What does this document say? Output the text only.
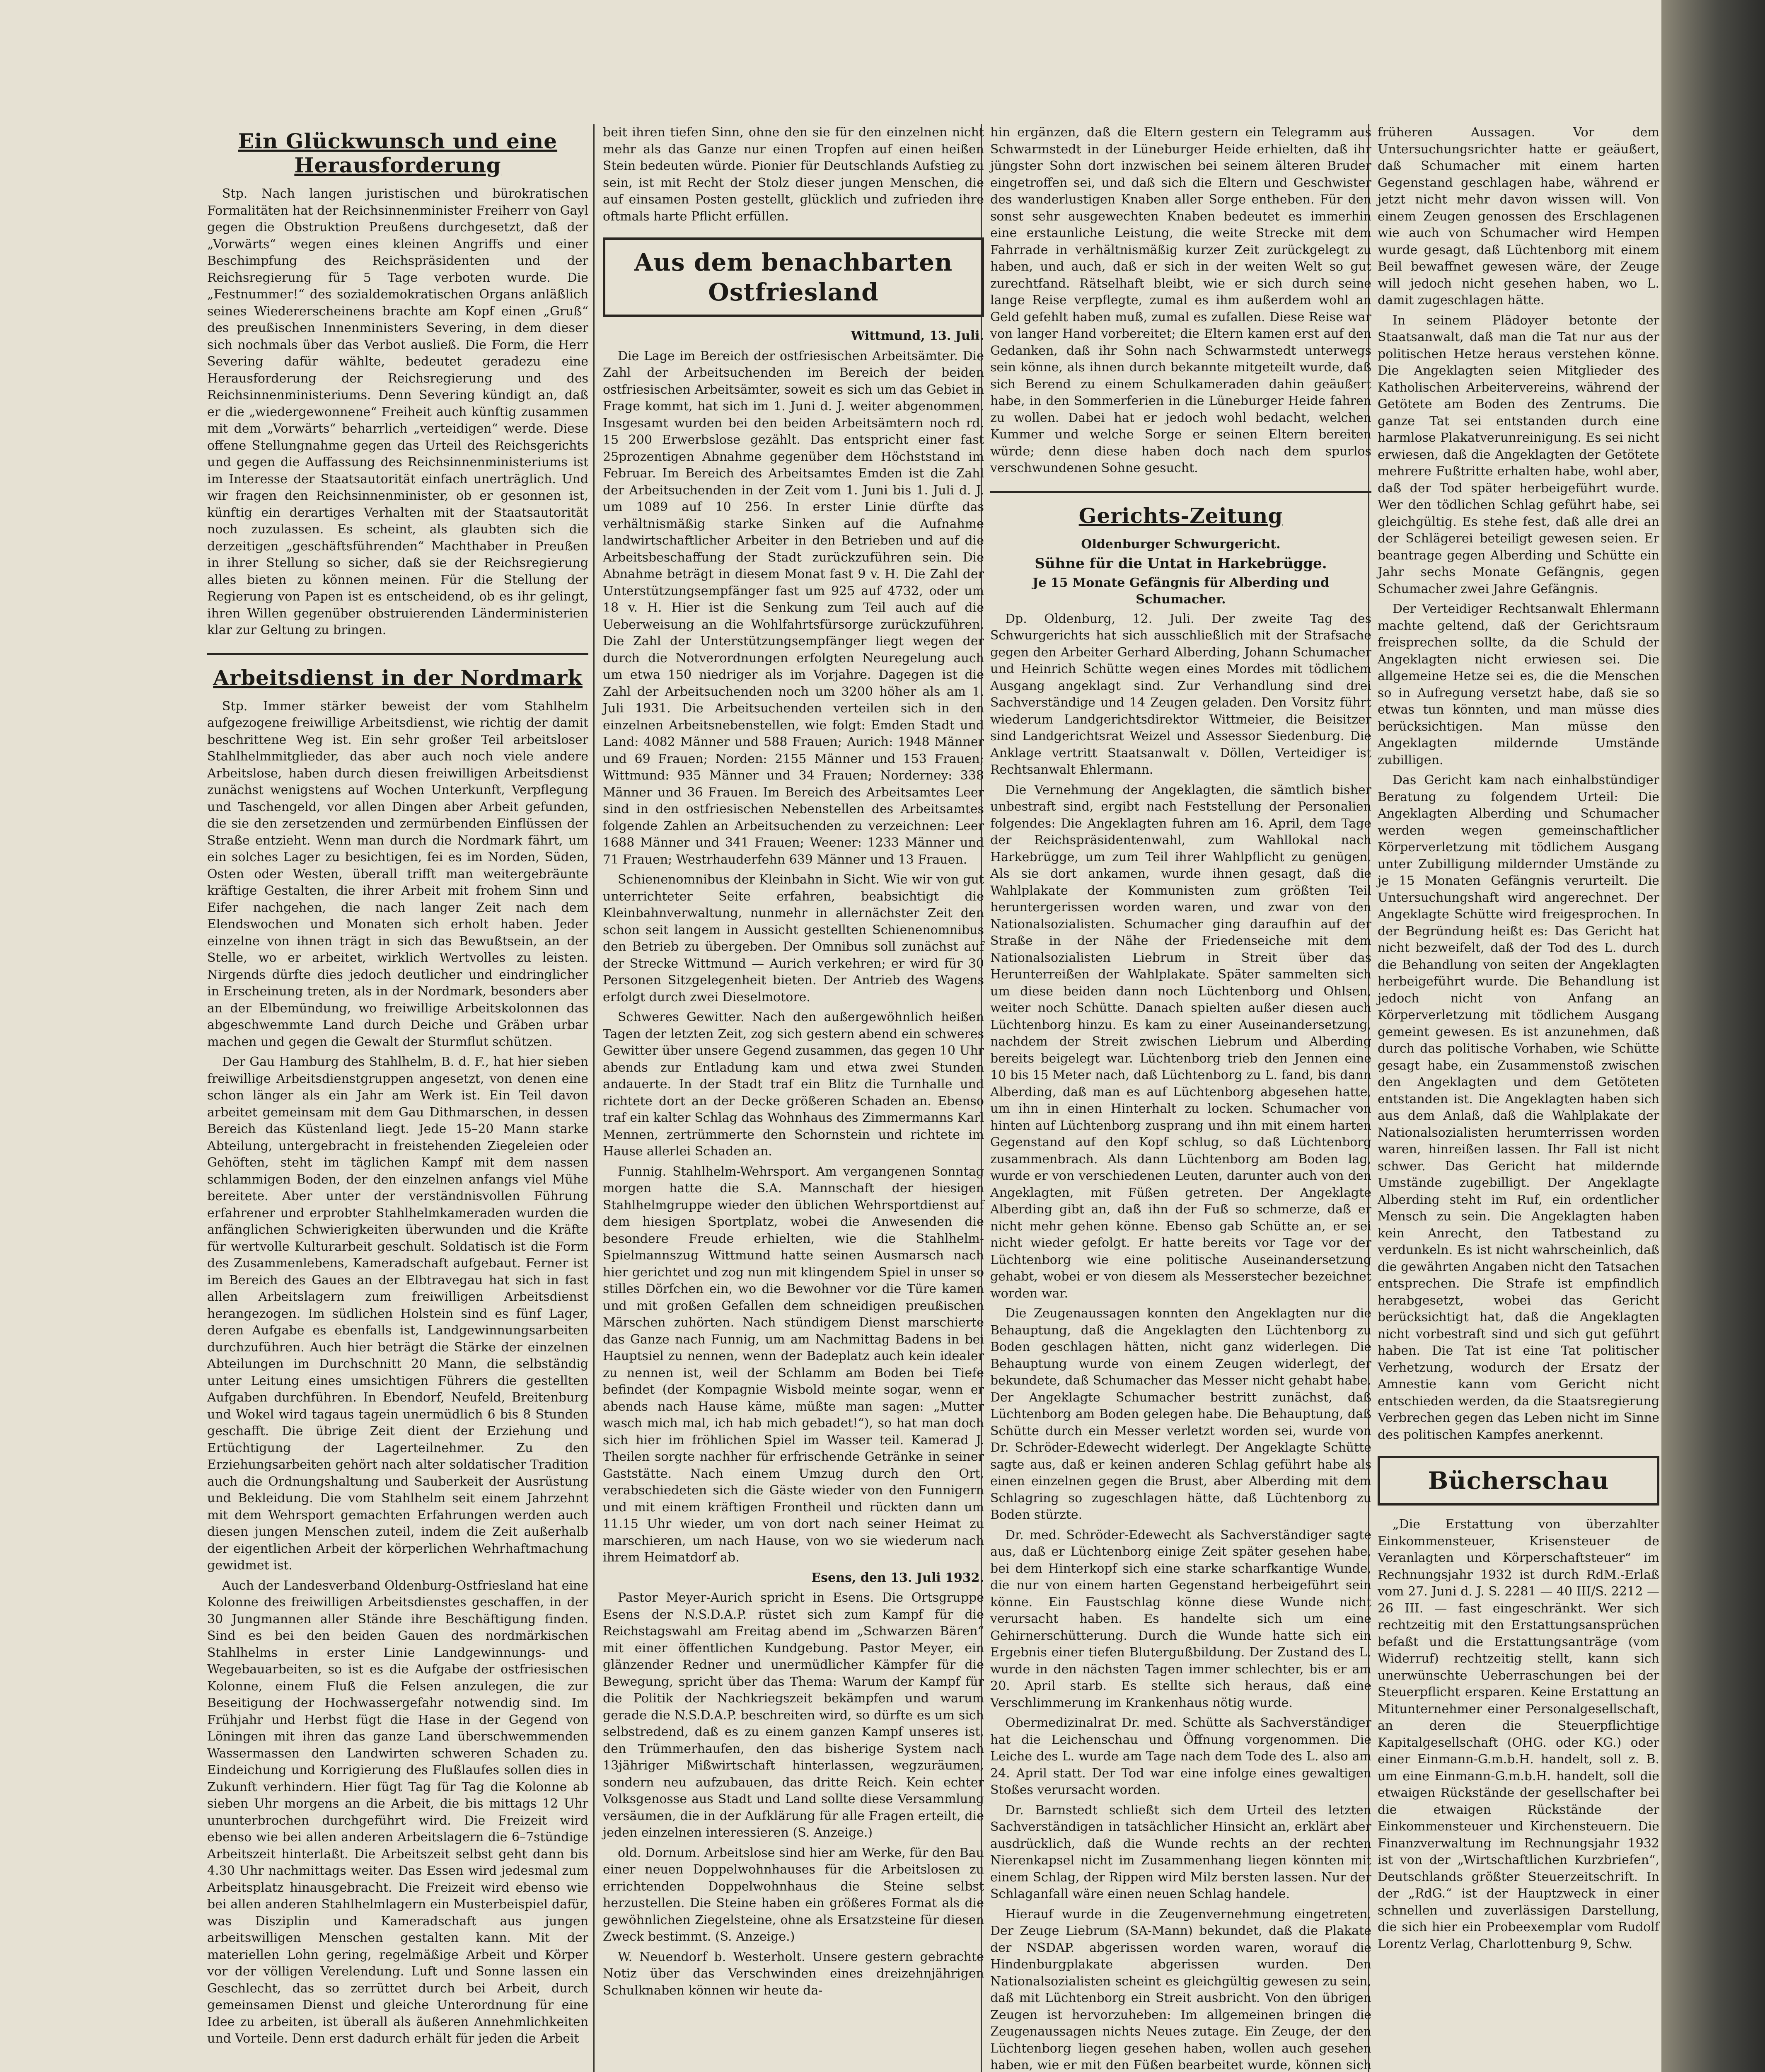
Ein Glückwunsch und eine Herausforderung

Stp. Nach langen juristischen und bürokratischen Formalitäten hat der Reichsinnenminister Freiherr von Gayl gegen die Obstruktion Preußens durchgesetzt, daß der „Vorwärts“ wegen eines kleinen Angriffs und einer Beschimpfung des Reichspräsidenten und der Reichsregierung für 5 Tage verboten wurde. Die „Festnummer!“ des sozialdemokratischen Organs anläßlich seines Wiedererscheinens brachte am Kopf einen „Gruß“ des preußischen Innenministers Severing, in dem dieser sich nochmals über das Verbot ausließ. Die Form, die Herr Severing dafür wählte, bedeutet geradezu eine Herausforderung der Reichsregierung und des Reichsinnenministeriums. Denn Severing kündigt an, daß er die „wiedergewonnene“ Freiheit auch künftig zusammen mit dem „Vorwärts“ beharrlich „verteidigen“ werde. Diese offene Stellungnahme gegen das Urteil des Reichsgerichts und gegen die Auffassung des Reichsinnenministeriums ist im Interesse der Staatsautorität einfach unerträglich. Und wir fragen den Reichsinnenminister, ob er gesonnen ist, künftig ein derartiges Verhalten mit der Staatsautorität noch zuzulassen. Es scheint, als glaubten sich die derzeitigen „geschäftsführenden“ Machthaber in Preußen in ihrer Stellung so sicher, daß sie der Reichsregierung alles bieten zu können meinen. Für die Stellung der Regierung von Papen ist es entscheidend, ob es ihr gelingt, ihren Willen gegenüber obstruierenden Länderministerien klar zur Geltung zu bringen.

Arbeitsdienst in der Nordmark

Stp. Immer stärker beweist der vom Stahlhelm aufgezogene freiwillige Arbeitsdienst, wie richtig der damit beschrittene Weg ist. Ein sehr großer Teil arbeitsloser Stahlhelmmitglieder, das aber auch noch viele andere Arbeitslose, haben durch diesen freiwilligen Arbeitsdienst zunächst wenigstens auf Wochen Unterkunft, Verpflegung und Taschengeld, vor allen Dingen aber Arbeit gefunden, die sie den zersetzenden und zermürbenden Einflüssen der Straße entzieht. Wenn man durch die Nordmark fährt, um ein solches Lager zu besichtigen, fei es im Norden, Süden, Osten oder Westen, überall trifft man weitergebräunte kräftige Gestalten, die ihrer Arbeit mit frohem Sinn und Eifer nachgehen, die nach langer Zeit nach dem Elendswochen und Monaten sich erholt haben. Jeder einzelne von ihnen trägt in sich das Bewußtsein, an der Stelle, wo er arbeitet, wirklich Wertvolles zu leisten. Nirgends dürfte dies jedoch deutlicher und eindringlicher in Erscheinung treten, als in der Nordmark, besonders aber an der Elbemündung, wo freiwillige Arbeitskolonnen das abgeschwemmte Land durch Deiche und Gräben urbar machen und gegen die Gewalt der Sturmflut schützen.

Der Gau Hamburg des Stahlhelm, B. d. F., hat hier sieben freiwillige Arbeitsdienstgruppen angesetzt, von denen eine schon länger als ein Jahr am Werk ist. Ein Teil davon arbeitet gemeinsam mit dem Gau Dithmarschen, in dessen Bereich das Küstenland liegt. Jede 15–20 Mann starke Abteilung, untergebracht in freistehenden Ziegeleien oder Gehöften, steht im täglichen Kampf mit dem nassen schlammigen Boden, der den einzelnen anfangs viel Mühe bereitete. Aber unter der verständnisvollen Führung erfahrener und erprobter Stahlhelmkameraden wurden die anfänglichen Schwierigkeiten überwunden und die Kräfte für wertvolle Kulturarbeit geschult. Soldatisch ist die Form des Zusammenlebens, Kameradschaft aufgebaut. Ferner ist im Bereich des Gaues an der Elbtravegau hat sich in fast allen Arbeitslagern zum freiwilligen Arbeitsdienst herangezogen. Im südlichen Holstein sind es fünf Lager, deren Aufgabe es ebenfalls ist, Landgewinnungsarbeiten durchzuführen. Auch hier beträgt die Stärke der einzelnen Abteilungen im Durchschnitt 20 Mann, die selbständig unter Leitung eines umsichtigen Führers die gestellten Aufgaben durchführen. In Ebendorf, Neufeld, Breitenburg und Wokel wird tagaus tagein unermüdlich 6 bis 8 Stunden geschafft. Die übrige Zeit dient der Erziehung und Ertüchtigung der Lagerteilnehmer. Zu den Erziehungsarbeiten gehört nach alter soldatischer Tradition auch die Ordnungshaltung und Sauberkeit der Ausrüstung und Bekleidung. Die vom Stahlhelm seit einem Jahrzehnt mit dem Wehrsport gemachten Erfahrungen werden auch diesen jungen Menschen zuteil, indem die Zeit außerhalb der eigentlichen Arbeit der körperlichen Wehrhaftmachung gewidmet ist.

Auch der Landesverband Oldenburg-Ostfriesland hat eine Kolonne des freiwilligen Arbeitsdienstes geschaffen, in der 30 Jungmannen aller Stände ihre Beschäftigung finden. Sind es bei den beiden Gauen des nordmärkischen Stahlhelms in erster Linie Landgewinnungs- und Wegebauarbeiten, so ist es die Aufgabe der ostfriesischen Kolonne, einem Fluß die Felsen anzulegen, die zur Beseitigung der Hochwassergefahr notwendig sind. Im Frühjahr und Herbst fügt die Hase in der Gegend von Löningen mit ihren das ganze Land überschwemmenden Wassermassen den Landwirten schweren Schaden zu. Eindeichung und Korrigierung des Flußlaufes sollen dies in Zukunft verhindern. Hier fügt Tag für Tag die Kolonne ab sieben Uhr morgens an die Arbeit, die bis mittags 12 Uhr ununterbrochen durchgeführt wird. Die Freizeit wird ebenso wie bei allen anderen Arbeitslagern die 6–7stündige Arbeitszeit hinterlaßt. Die Arbeitszeit selbst geht dann bis 4.30 Uhr nachmittags weiter. Das Essen wird jedesmal zum Arbeitsplatz hinausgebracht. Die Freizeit wird ebenso wie bei allen anderen Stahlhelmlagern ein Musterbeispiel dafür, was Disziplin und Kameradschaft aus jungen arbeitswilligen Menschen gestalten kann. Mit der materiellen Lohn gering, regelmäßige Arbeit und Körper vor der völligen Verelendung. Luft und Sonne lassen ein Geschlecht, das so zerrüttet durch bei Arbeit, durch gemeinsamen Dienst und gleiche Unterordnung für eine Idee zu arbeiten, ist überall als äußeren Annehmlichkeiten und Vorteile. Denn erst dadurch erhält für jeden die Arbeit

beit ihren tiefen Sinn, ohne den sie für den einzelnen nicht mehr als das Ganze nur einen Tropfen auf einen heißen Stein bedeuten würde. Pionier für Deutschlands Aufstieg zu sein, ist mit Recht der Stolz dieser jungen Menschen, die auf einsamen Posten gestellt, glücklich und zufrieden ihre oftmals harte Pflicht erfüllen.

Aus dem benachbarten Ostfriesland

Wittmund, 13. Juli.

Die Lage im Bereich der ostfriesischen Arbeitsämter. Die Zahl der Arbeitsuchenden im Bereich der beiden ostfriesischen Arbeitsämter, soweit es sich um das Gebiet in Frage kommt, hat sich im 1. Juni d. J. weiter abgenommen. Insgesamt wurden bei den beiden Arbeitsämtern noch rd. 15 200 Erwerbslose gezählt. Das entspricht einer fast 25prozentigen Abnahme gegenüber dem Höchststand im Februar. Im Bereich des Arbeitsamtes Emden ist die Zahl der Arbeitsuchenden in der Zeit vom 1. Juni bis 1. Juli d. J. um 1089 auf 10 256. In erster Linie dürfte das verhältnismäßig starke Sinken auf die Aufnahme landwirtschaftlicher Arbeiter in den Betrieben und auf die Arbeitsbeschaffung der Stadt zurückzuführen sein. Die Abnahme beträgt in diesem Monat fast 9 v. H. Die Zahl der Unterstützungsempfänger fast um 925 auf 4732, oder um 18 v. H. Hier ist die Senkung zum Teil auch auf die Ueberweisung an die Wohlfahrtsfürsorge zurückzuführen. Die Zahl der Unterstützungsempfänger liegt wegen der durch die Notverordnungen erfolgten Neuregelung auch um etwa 150 niedriger als im Vorjahre. Dagegen ist die Zahl der Arbeitsuchenden noch um 3200 höher als am 1. Juli 1931. Die Arbeitsuchenden verteilen sich in den einzelnen Arbeitsnebenstellen, wie folgt: Emden Stadt und Land: 4082 Männer und 588 Frauen; Aurich: 1948 Männer und 69 Frauen; Norden: 2155 Männer und 153 Frauen; Wittmund: 935 Männer und 34 Frauen; Norderney: 338 Männer und 36 Frauen. Im Bereich des Arbeitsamtes Leer sind in den ostfriesischen Nebenstellen des Arbeitsamtes folgende Zahlen an Arbeitsuchenden zu verzeichnen: Leer 1688 Männer und 341 Frauen; Weener: 1233 Männer und 71 Frauen; Westrhauderfehn 639 Männer und 13 Frauen.

Schienenomnibus der Kleinbahn in Sicht. Wie wir von gut unterrichteter Seite erfahren, beabsichtigt die Kleinbahnverwaltung, nunmehr in allernächster Zeit den schon seit langem in Aussicht gestellten Schienenomnibus den Betrieb zu übergeben. Der Omnibus soll zunächst auf der Strecke Wittmund — Aurich verkehren; er wird für 30 Personen Sitzgelegenheit bieten. Der Antrieb des Wagens erfolgt durch zwei Dieselmotore.

Schweres Gewitter. Nach den außergewöhnlich heißen Tagen der letzten Zeit, zog sich gestern abend ein schweres Gewitter über unsere Gegend zusammen, das gegen 10 Uhr abends zur Entladung kam und etwa zwei Stunden andauerte. In der Stadt traf ein Blitz die Turnhalle und richtete dort an der Decke größeren Schaden an. Ebenso traf ein kalter Schlag das Wohnhaus des Zimmermanns Karl Mennen, zertrümmerte den Schornstein und richtete im Hause allerlei Schaden an.

Funnig. Stahlhelm-Wehrsport. Am vergangenen Sonntag morgen hatte die S.A. Mannschaft der hiesigen Stahlhelmgruppe wieder den üblichen Wehrsportdienst auf dem hiesigen Sportplatz, wobei die Anwesenden die besondere Freude erhielten, wie die Stahlhelm-Spielmannszug Wittmund hatte seinen Ausmarsch nach hier gerichtet und zog nun mit klingendem Spiel in unser so stilles Dörfchen ein, wo die Bewohner vor die Türe kamen und mit großen Gefallen dem schneidigen preußischen Märschen zuhörten. Nach stündigem Dienst marschierte das Ganze nach Funnig, um am Nachmittag Badens in bei Hauptsiel zu nennen, wenn der Badeplatz auch kein idealer zu nennen ist, weil der Schlamm am Boden bei Tiefe befindet (der Kompagnie Wisbold meinte sogar, wenn er abends nach Hause käme, müßte man sagen: „Mutter wasch mich mal, ich hab mich gebadet!“), so hat man doch sich hier im fröhlichen Spiel im Wasser teil. Kamerad J. Theilen sorgte nachher für erfrischende Getränke in seiner Gaststätte. Nach einem Umzug durch den Ort, verabschiedeten sich die Gäste wieder von den Funnigern und mit einem kräftigen Frontheil und rückten dann um 11.15 Uhr wieder, um von dort nach seiner Heimat zu marschieren, um nach Hause, von wo sie wiederum nach ihrem Heimatdorf ab.

Esens, den 13. Juli 1932.

Pastor Meyer-Aurich spricht in Esens. Die Ortsgruppe Esens der N.S.D.A.P. rüstet sich zum Kampf für die Reichstagswahl am Freitag abend im „Schwarzen Bären“ mit einer öffentlichen Kundgebung. Pastor Meyer, ein glänzender Redner und unermüdlicher Kämpfer für die Bewegung, spricht über das Thema: Warum der Kampf für die Politik der Nachkriegszeit bekämpfen und warum gerade die N.S.D.A.P. beschreiten wird, so dürfte es um sich selbstredend, daß es zu einem ganzen Kampf unseres ist, den Trümmerhaufen, den das bisherige System nach 13jähriger Mißwirtschaft hinterlassen, wegzuräumen, sondern neu aufzubauen, das dritte Reich. Kein echter Volksgenosse aus Stadt und Land sollte diese Versammlung versäumen, die in der Aufklärung für alle Fragen erteilt, die jeden einzelnen interessieren (S. Anzeige.)

old. Dornum. Arbeitslose sind hier am Werke, für den Bau einer neuen Doppelwohnhauses für die Arbeitslosen zu errichtenden Doppelwohnhaus die Steine selbst herzustellen. Die Steine haben ein größeres Format als die gewöhnlichen Ziegelsteine, ohne als Ersatzsteine für diesen Zweck bestimmt. (S. Anzeige.)

W. Neuendorf b. Westerholt. Unsere gestern gebrachte Notiz über das Verschwinden eines dreizehnjährigen Schulknaben können wir heute da-

hin ergänzen, daß die Eltern gestern ein Telegramm aus Schwarmstedt in der Lüneburger Heide erhielten, daß ihr jüngster Sohn dort inzwischen bei seinem älteren Bruder eingetroffen sei, und daß sich die Eltern und Geschwister des wanderlustigen Knaben aller Sorge entheben. Für den sonst sehr ausgewechten Knaben bedeutet es immerhin eine erstaunliche Leistung, die weite Strecke mit dem Fahrrade in verhältnismäßig kurzer Zeit zurückgelegt zu haben, und auch, daß er sich in der weiten Welt so gut zurechtfand. Rätselhaft bleibt, wie er sich durch seine lange Reise verpflegte, zumal es ihm außerdem wohl an Geld gefehlt haben muß, zumal es zufallen. Diese Reise war von langer Hand vorbereitet; die Eltern kamen erst auf den Gedanken, daß ihr Sohn nach Schwarmstedt unterwegs sein könne, als ihnen durch bekannte mitgeteilt wurde, daß sich Berend zu einem Schulkameraden dahin geäußert habe, in den Sommerferien in die Lüneburger Heide fahren zu wollen. Dabei hat er jedoch wohl bedacht, welchen Kummer und welche Sorge er seinen Eltern bereiten würde; denn diese haben doch nach dem spurlos verschwundenen Sohne gesucht.

Gerichts-Zeitung

Oldenburger Schwurgericht.

Sühne für die Untat in Harkebrügge.

Je 15 Monate Gefängnis für Alberding und Schumacher.

Dp. Oldenburg, 12. Juli. Der zweite Tag des Schwurgerichts hat sich ausschließlich mit der Strafsache gegen den Arbeiter Gerhard Alberding, Johann Schumacher und Heinrich Schütte wegen eines Mordes mit tödlichem Ausgang angeklagt sind. Zur Verhandlung sind drei Sachverständige und 14 Zeugen geladen. Den Vorsitz führt wiederum Landgerichtsdirektor Wittmeier, die Beisitzer sind Landgerichtsrat Weizel und Assessor Siedenburg. Die Anklage vertritt Staatsanwalt v. Döllen, Verteidiger ist Rechtsanwalt Ehlermann.

Die Vernehmung der Angeklagten, die sämtlich bisher unbestraft sind, ergibt nach Feststellung der Personalien folgendes: Die Angeklagten fuhren am 16. April, dem Tage der Reichspräsidentenwahl, zum Wahllokal nach Harkebrügge, um zum Teil ihrer Wahlpflicht zu genügen. Als sie dort ankamen, wurde ihnen gesagt, daß die Wahlplakate der Kommunisten zum größten Teil heruntergerissen worden waren, und zwar von den Nationalsozialisten. Schumacher ging daraufhin auf der Straße in der Nähe der Friedenseiche mit dem Nationalsozialisten Liebrum in Streit über das Herunterreißen der Wahlplakate. Später sammelten sich um diese beiden dann noch Lüchtenborg und Ohlsen, weiter noch Schütte. Danach spielten außer diesen auch Lüchtenborg hinzu. Es kam zu einer Auseinandersetzung, nachdem der Streit zwischen Liebrum und Alberding bereits beigelegt war. Lüchtenborg trieb den Jennen eine 10 bis 15 Meter nach, daß Lüchtenborg zu L. fand, bis dann Alberding, daß man es auf Lüchtenborg abgesehen hatte, um ihn in einen Hinterhalt zu locken. Schumacher von hinten auf Lüchtenborg zusprang und ihn mit einem harten Gegenstand auf den Kopf schlug, so daß Lüchtenborg zusammenbrach. Als dann Lüchtenborg am Boden lag, wurde er von verschiedenen Leuten, darunter auch von den Angeklagten, mit Füßen getreten. Der Angeklagte Alberding gibt an, daß ihn der Fuß so schmerze, daß er nicht mehr gehen könne. Ebenso gab Schütte an, er sei nicht wieder gefolgt. Er hatte bereits vor Tage vor der Lüchtenborg wie eine politische Auseinandersetzung gehabt, wobei er von diesem als Messerstecher bezeichnet worden war.

Die Zeugenaussagen konnten den Angeklagten nur die Behauptung, daß die Angeklagten den Lüchtenborg zu Boden geschlagen hätten, nicht ganz widerlegen. Die Behauptung wurde von einem Zeugen widerlegt, der bekundete, daß Schumacher das Messer nicht gehabt habe. Der Angeklagte Schumacher bestritt zunächst, daß Lüchtenborg am Boden gelegen habe. Die Behauptung, daß Schütte durch ein Messer verletzt worden sei, wurde von Dr. Schröder-Edewecht widerlegt. Der Angeklagte Schütte sagte aus, daß er keinen anderen Schlag geführt habe als einen einzelnen gegen die Brust, aber Alberding mit dem Schlagring so zugeschlagen hätte, daß Lüchtenborg zu Boden stürzte.

Dr. med. Schröder-Edewecht als Sachverständiger sagte aus, daß er Lüchtenborg einige Zeit später gesehen habe, bei dem Hinterkopf sich eine starke scharfkantige Wunde, die nur von einem harten Gegenstand herbeigeführt sein könne. Ein Faustschlag könne diese Wunde nicht verursacht haben. Es handelte sich um eine Gehirnerschütterung. Durch die Wunde hatte sich ein Ergebnis einer tiefen Blutergußbildung. Der Zustand des L. wurde in den nächsten Tagen immer schlechter, bis er am 20. April starb. Es stellte sich heraus, daß eine Verschlimmerung im Krankenhaus nötig wurde.

Obermedizinalrat Dr. med. Schütte als Sachverständiger hat die Leichenschau und Öffnung vorgenommen. Die Leiche des L. wurde am Tage nach dem Tode des L. also am 24. April statt. Der Tod war eine infolge eines gewaltigen Stoßes verursacht worden.

Dr. Barnstedt schließt sich dem Urteil des letzten Sachverständigen in tatsächlicher Hinsicht an, erklärt aber ausdrücklich, daß die Wunde rechts an der rechten Nierenkapsel nicht im Zusammenhang liegen könnten mit einem Schlag, der Rippen wird Milz bersten lassen. Nur der Schlaganfall wäre einen neuen Schlag handele.

Hierauf wurde in die Zeugenvernehmung eingetreten. Der Zeuge Liebrum (SA-Mann) bekundet, daß die Plakate der NSDAP. abgerissen worden waren, worauf die Hindenburgplakate abgerissen wurden. Den Nationalsozialisten scheint es gleichgültig gewesen zu sein, daß mit Lüchtenborg ein Streit ausbricht. Von den übrigen Zeugen ist hervorzuheben: Im allgemeinen bringen die Zeugenaussagen nichts Neues zutage. Ein Zeuge, der den Lüchtenborg liegen gesehen haben, wollen auch gesehen haben, wie er mit den Füßen bearbeitet wurde, können sich

früheren Aussagen. Vor dem Untersuchungsrichter hatte er geäußert, daß Schumacher mit einem harten Gegenstand geschlagen habe, während er jetzt nicht mehr davon wissen will. Von einem Zeugen genossen des Erschlagenen wie auch von Schumacher wird Hempen wurde gesagt, daß Lüchtenborg mit einem Beil bewaffnet gewesen wäre, der Zeuge will jedoch nicht gesehen haben, wo L. damit zugeschlagen hätte.

In seinem Plädoyer betonte der Staatsanwalt, daß man die Tat nur aus der politischen Hetze heraus verstehen könne. Die Angeklagten seien Mitglieder des Katholischen Arbeitervereins, während der Getötete am Boden des Zentrums. Die ganze Tat sei entstanden durch eine harmlose Plakatverunreinigung. Es sei nicht erwiesen, daß die Angeklagten der Getötete mehrere Fußtritte erhalten habe, wohl aber, daß der Tod später herbeigeführt wurde. Wer den tödlichen Schlag geführt habe, sei gleichgültig. Es stehe fest, daß alle drei an der Schlägerei beteiligt gewesen seien. Er beantrage gegen Alberding und Schütte ein Jahr sechs Monate Gefängnis, gegen Schumacher zwei Jahre Gefängnis.

Der Verteidiger Rechtsanwalt Ehlermann machte geltend, daß der Gerichtsraum freisprechen sollte, da die Schuld der Angeklagten nicht erwiesen sei. Die allgemeine Hetze sei es, die die Menschen so in Aufregung versetzt habe, daß sie so etwas tun könnten, und man müsse dies berücksichtigen. Man müsse den Angeklagten mildernde Umstände zubilligen.

Das Gericht kam nach einhalbstündiger Beratung zu folgendem Urteil: Die Angeklagten Alberding und Schumacher werden wegen gemeinschaftlicher Körperverletzung mit tödlichem Ausgang unter Zubilligung mildernder Umstände zu je 15 Monaten Gefängnis verurteilt. Die Untersuchungshaft wird angerechnet. Der Angeklagte Schütte wird freigesprochen. In der Begründung heißt es: Das Gericht hat nicht bezweifelt, daß der Tod des L. durch die Behandlung von seiten der Angeklagten herbeigeführt wurde. Die Behandlung ist jedoch nicht von Anfang an Körperverletzung mit tödlichem Ausgang gemeint gewesen. Es ist anzunehmen, daß durch das politische Vorhaben, wie Schütte gesagt habe, ein Zusammenstoß zwischen den Angeklagten und dem Getöteten entstanden ist. Die Angeklagten haben sich aus dem Anlaß, daß die Wahlplakate der Nationalsozialisten herumterrissen worden waren, hinreißen lassen. Ihr Fall ist nicht schwer. Das Gericht hat mildernde Umstände zugebilligt. Der Angeklagte Alberding steht im Ruf, ein ordentlicher Mensch zu sein. Die Angeklagten haben kein Anrecht, den Tatbestand zu verdunkeln. Es ist nicht wahrscheinlich, daß die gewährten Angaben nicht den Tatsachen entsprechen. Die Strafe ist empfindlich herabgesetzt, wobei das Gericht berücksichtigt hat, daß die Angeklagten nicht vorbestraft sind und sich gut geführt haben. Die Tat ist eine Tat politischer Verhetzung, wodurch der Ersatz der Amnestie kann vom Gericht nicht entschieden werden, da die Staatsregierung Verbrechen gegen das Leben nicht im Sinne des politischen Kampfes anerkennt.

Bücherschau

„Die Erstattung von überzahlter Einkommensteuer, Krisensteuer de Veranlagten und Körperschaftsteuer“ im Rechnungsjahr 1932 ist durch RdM.-Erlaß vom 27. Juni d. J. S. 2281 — 40 III/S. 2212 — 26 III. — fast eingeschränkt. Wer sich rechtzeitig mit den Erstattungsansprüchen befaßt und die Erstattungsanträge (vom Widerruf) rechtzeitig stellt, kann sich unerwünschte Ueberraschungen bei der Steuerpflicht ersparen. Keine Erstattung an Mitunternehmer einer Personalgesellschaft, an deren die Steuerpflichtige Kapitalgesellschaft (OHG. oder KG.) oder einer Einmann-G.m.b.H. handelt, soll z. B. um eine Einmann-G.m.b.H. handelt, soll die etwaigen Rückstände der gesellschafter bei die etwaigen Rückstände der Einkommensteuer und Kirchensteuern. Die Finanzverwaltung im Rechnungsjahr 1932 ist von der „Wirtschaftlichen Kurzbriefen“, Deutschlands größter Steuerzeitschrift. In der „RdG.“ ist der Hauptzweck in einer schnellen und zuverlässigen Darstellung, die sich hier ein Probeexemplar vom Rudolf Lorentz Verlag, Charlottenburg 9, Schw.
